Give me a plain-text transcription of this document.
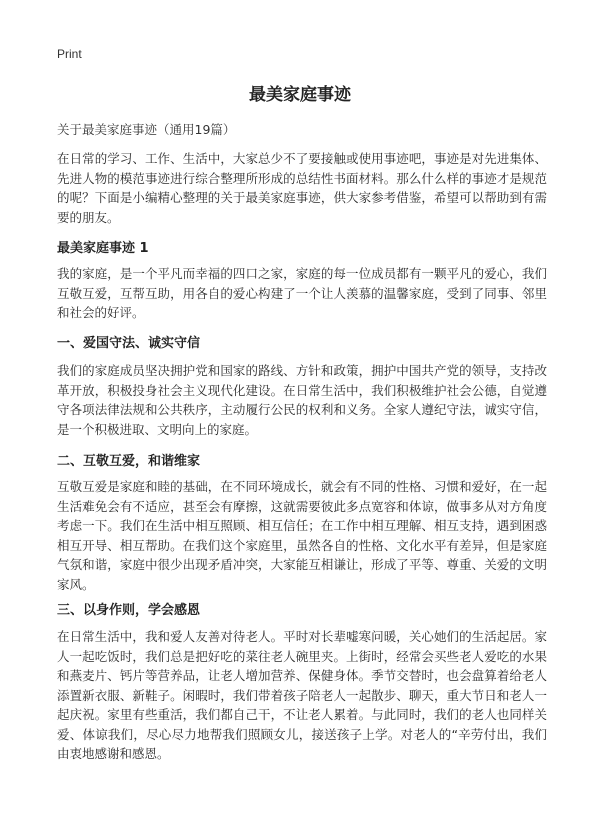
Print
最美家庭事迹
关于最美家庭事迹（通用19篇）

在日常的学习、工作、生活中，大家总少不了要接触或使用事迹吧，事迹是对先进集体、先进人物的模范事迹进行综合整理所形成的总结性书面材料。那么什么样的事迹才是规范的呢？下面是小编精心整理的关于最美家庭事迹，供大家参考借鉴，希望可以帮助到有需要的朋友。

最美家庭事迹 1

我的家庭，是一个平凡而幸福的四口之家，家庭的每一位成员都有一颗平凡的爱心，我们互敬互爱，互帮互助，用各自的爱心构建了一个让人羡慕的温馨家庭，受到了同事、邻里和社会的好评。

一、爱国守法、诚实守信

我们的家庭成员坚决拥护党和国家的路线、方针和政策，拥护中国共产党的领导，支持改革开放，积极投身社会主义现代化建设。在日常生活中，我们积极维护社会公德，自觉遵守各项法律法规和公共秩序，主动履行公民的权利和义务。全家人遵纪守法，诚实守信，是一个积极进取、文明向上的家庭。

二、互敬互爱，和谐维家

互敬互爱是家庭和睦的基础，在不同环境成长，就会有不同的性格、习惯和爱好，在一起生活难免会有不适应，甚至会有摩擦，这就需要彼此多点宽容和体谅，做事多从对方角度考虑一下。我们在生活中相互照顾、相互信任；在工作中相互理解、相互支持，遇到困惑相互开导、相互帮助。在我们这个家庭里，虽然各自的性格、文化水平有差异，但是家庭气氛和谐，家庭中很少出现矛盾冲突，大家能互相谦让，形成了平等、尊重、关爱的文明家风。

三、以身作则，学会感恩

在日常生活中，我和爱人友善对待老人。平时对长辈嘘寒问暖，关心她们的生活起居。家人一起吃饭时，我们总是把好吃的菜往老人碗里夹。上街时，经常会买些老人爱吃的水果和燕麦片、钙片等营养品，让老人增加营养、保健身体。季节交替时，也会盘算着给老人添置新衣服、新鞋子。闲暇时，我们带着孩子陪老人一起散步、聊天，重大节日和老人一起庆祝。家里有些重活，我们都自己干，不让老人累着。与此同时，我们的老人也同样关爱、体谅我们，尽心尽力地帮我们照顾女儿，接送孩子上学。对老人的“辛劳付出，我们由衷地感谢和感恩。
